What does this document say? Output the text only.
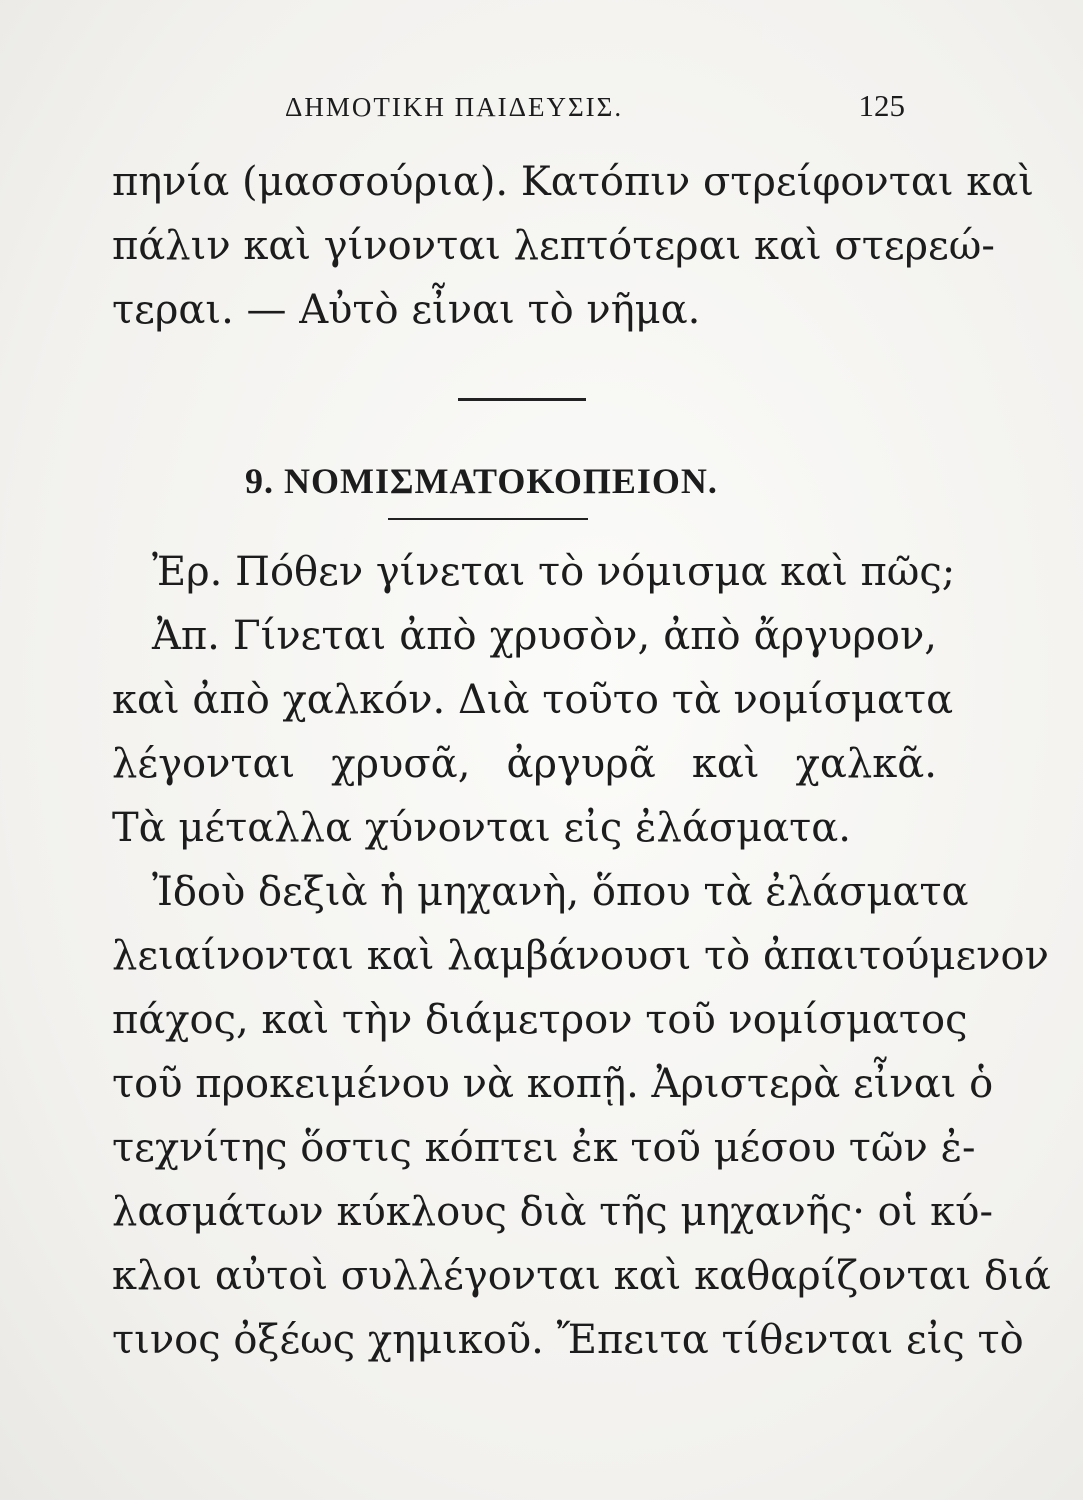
ΔΗΜΟΤΙΚΗ ΠΑΙΔΕΥΣΙΣ.	125
πηνία (μασσούρια). Κατόπιν στρείφονται καὶ
πάλιν καὶ γίνονται λεπτότεραι καὶ στερεώ-
τεραι. — Αὐτὸ εἶναι τὸ νῆμα.
9. ΝΟΜΙΣΜΑΤΟΚΟΠΕΙΟΝ.
Ἐρ. Πόθεν γίνεται τὸ νόμισμα καὶ πῶς;
Ἀπ. Γίνεται ἀπὸ χρυσὸν, ἀπὸ ἄργυρον,
καὶ ἀπὸ χαλκόν. Διὰ τοῦτο τὰ νομίσματα
λέγονται χρυσᾶ, ἀργυρᾶ καὶ χαλκᾶ.
Τὰ μέταλλα χύνονται εἰς ἐλάσματα.
Ἰδοὺ δεξιὰ ἡ μηχανὴ, ὅπου τὰ ἐλάσματα
λειαίνονται καὶ λαμβάνουσι τὸ ἀπαιτούμενον
πάχος, καὶ τὴν διάμετρον τοῦ νομίσματος
τοῦ προκειμένου νὰ κοπῇ. Ἀριστερὰ εἶναι ὁ
τεχνίτης ὅστις κόπτει ἐκ τοῦ μέσου τῶν ἐ-
λασμάτων κύκλους διὰ τῆς μηχανῆς· οἱ κύ-
κλοι αὐτοὶ συλλέγονται καὶ καθαρίζονται διά
τινος ὀξέως χημικοῦ. Ἔπειτα τίθενται εἰς τὸ
